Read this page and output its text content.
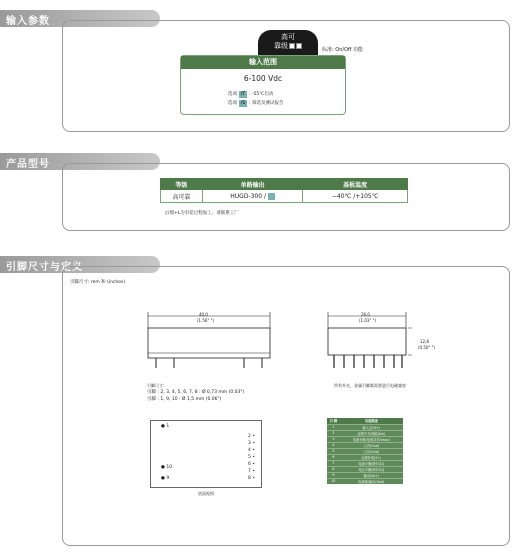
输入参数
高可
靠级	标准: On/Off 功能
输入范围
6-100 Vdc
选项 /T : -55℃启动
选项 /S : 筛选及测试报告
产品型号
等级	单路输出	基板温度
高可靠	HUGD-300 /	−40℃ /+105℃
后缀+L为有铅过程加工，请联系工厂
引脚尺寸与定义
引脚尺寸: mm 和 (inches)
40,0
(1.56" ")
26,0
(1.03" ")
12,8
(0.50" ")
所有外壳，金属引脚都需要进行电磁兼容
引脚尺寸:
引脚 : 2, 3, 4, 5, 6, 7, 8 : Ø 0,73 mm (0.03")
引脚 : 1, 9, 10 : Ø 1,5 mm (0.06")
● 1
● 10
● 9
2 •
3 •
4 •
5 •
6 •
7 •
8 •
底面视图
引 脚	功能描述
1	输入正(Vi+)
2	远程开关/使能(Inh)
3	电流平衡/电流共享(Imon)
4	公共(Gnd)
5	公共(Gnd)
6	远程补偿(S+)
7	电流平衡/调节(CI)
8	电压平衡/调节(CI)
9	输出(Vo+)
10	电源地/输出(Gnd)
